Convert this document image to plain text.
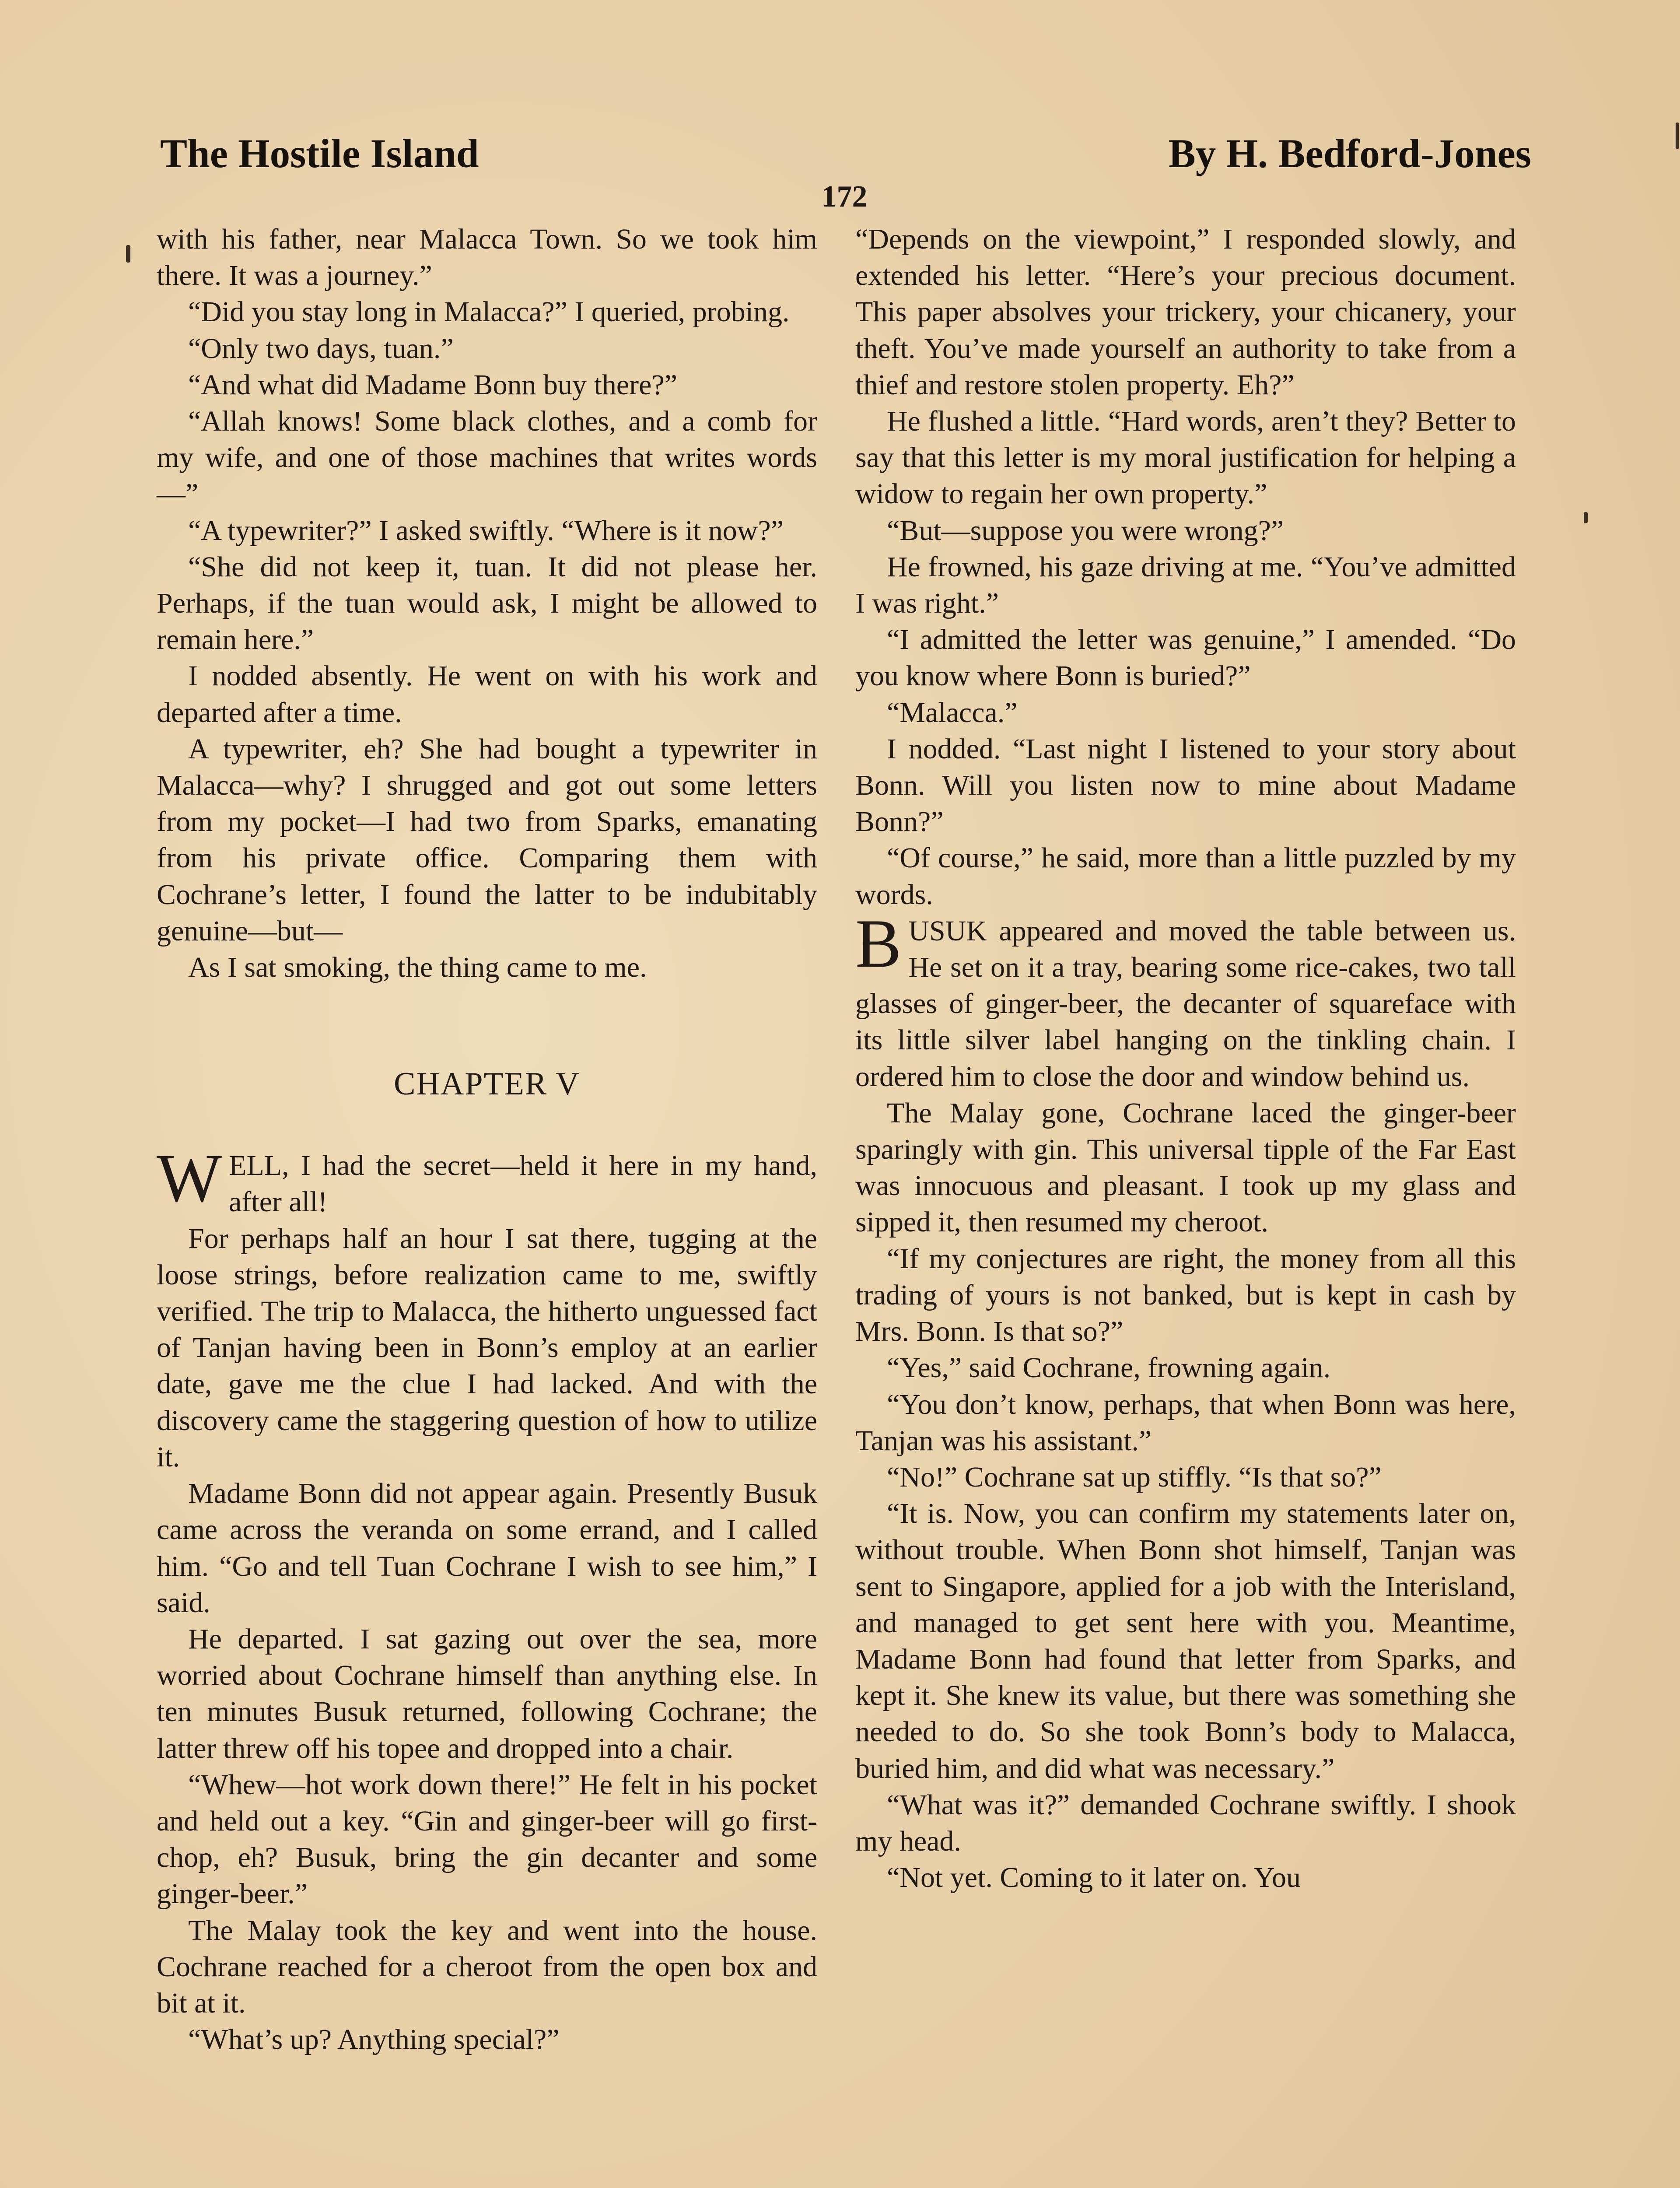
The Hostile Island	By H. Bedford-Jones
172

with his father, near Malacca Town. So we took him there. It was a journey.”

“Did you stay long in Malacca?” I queried, probing.

“Only two days, tuan.”

“And what did Madame Bonn buy there?”

“Allah knows! Some black clothes, and a comb for my wife, and one of those machines that writes words—”

“A typewriter?” I asked swiftly. “Where is it now?”

“She did not keep it, tuan. It did not please her. Perhaps, if the tuan would ask, I might be allowed to remain here.”

I nodded absently. He went on with his work and departed after a time.

A typewriter, eh? She had bought a typewriter in Malacca—why? I shrugged and got out some letters from my pocket—I had two from Sparks, emanating from his private office. Comparing them with Cochrane’s letter, I found the latter to be indubitably genuine—but—

As I sat smoking, the thing came to me.

CHAPTER V

WELL, I had the secret—held it here in my hand, after all!

For perhaps half an hour I sat there, tugging at the loose strings, before realization came to me, swiftly verified. The trip to Malacca, the hitherto unguessed fact of Tanjan having been in Bonn’s employ at an earlier date, gave me the clue I had lacked. And with the discovery came the staggering question of how to utilize it.

Madame Bonn did not appear again. Presently Busuk came across the veranda on some errand, and I called him. “Go and tell Tuan Cochrane I wish to see him,” I said.

He departed. I sat gazing out over the sea, more worried about Cochrane himself than anything else. In ten minutes Busuk returned, following Cochrane; the latter threw off his topee and dropped into a chair.

“Whew—hot work down there!” He felt in his pocket and held out a key. “Gin and ginger-beer will go first-chop, eh? Busuk, bring the gin decanter and some ginger-beer.”

The Malay took the key and went into the house. Cochrane reached for a cheroot from the open box and bit at it.

“What’s up? Anything special?”

“Depends on the viewpoint,” I responded slowly, and extended his letter. “Here’s your precious document. This paper absolves your trickery, your chicanery, your theft. You’ve made yourself an authority to take from a thief and restore stolen property. Eh?”

He flushed a little. “Hard words, aren’t they? Better to say that this letter is my moral justification for helping a widow to regain her own property.”

“But—suppose you were wrong?”

He frowned, his gaze driving at me. “You’ve admitted I was right.”

“I admitted the letter was genuine,” I amended. “Do you know where Bonn is buried?”

“Malacca.”

I nodded. “Last night I listened to your story about Bonn. Will you listen now to mine about Madame Bonn?”

“Of course,” he said, more than a little puzzled by my words.

BUSUK appeared and moved the table between us. He set on it a tray, bearing some rice-cakes, two tall glasses of ginger-beer, the decanter of squareface with its little silver label hanging on the tinkling chain. I ordered him to close the door and window behind us.

The Malay gone, Cochrane laced the ginger-beer sparingly with gin. This universal tipple of the Far East was innocuous and pleasant. I took up my glass and sipped it, then resumed my cheroot.

“If my conjectures are right, the money from all this trading of yours is not banked, but is kept in cash by Mrs. Bonn. Is that so?”

“Yes,” said Cochrane, frowning again.

“You don’t know, perhaps, that when Bonn was here, Tanjan was his assistant.”

“No!” Cochrane sat up stiffly. “Is that so?”

“It is. Now, you can confirm my statements later on, without trouble. When Bonn shot himself, Tanjan was sent to Singapore, applied for a job with the Interisland, and managed to get sent here with you. Meantime, Madame Bonn had found that letter from Sparks, and kept it. She knew its value, but there was something she needed to do. So she took Bonn’s body to Malacca, buried him, and did what was necessary.”

“What was it?” demanded Cochrane swiftly. I shook my head.

“Not yet. Coming to it later on. You
